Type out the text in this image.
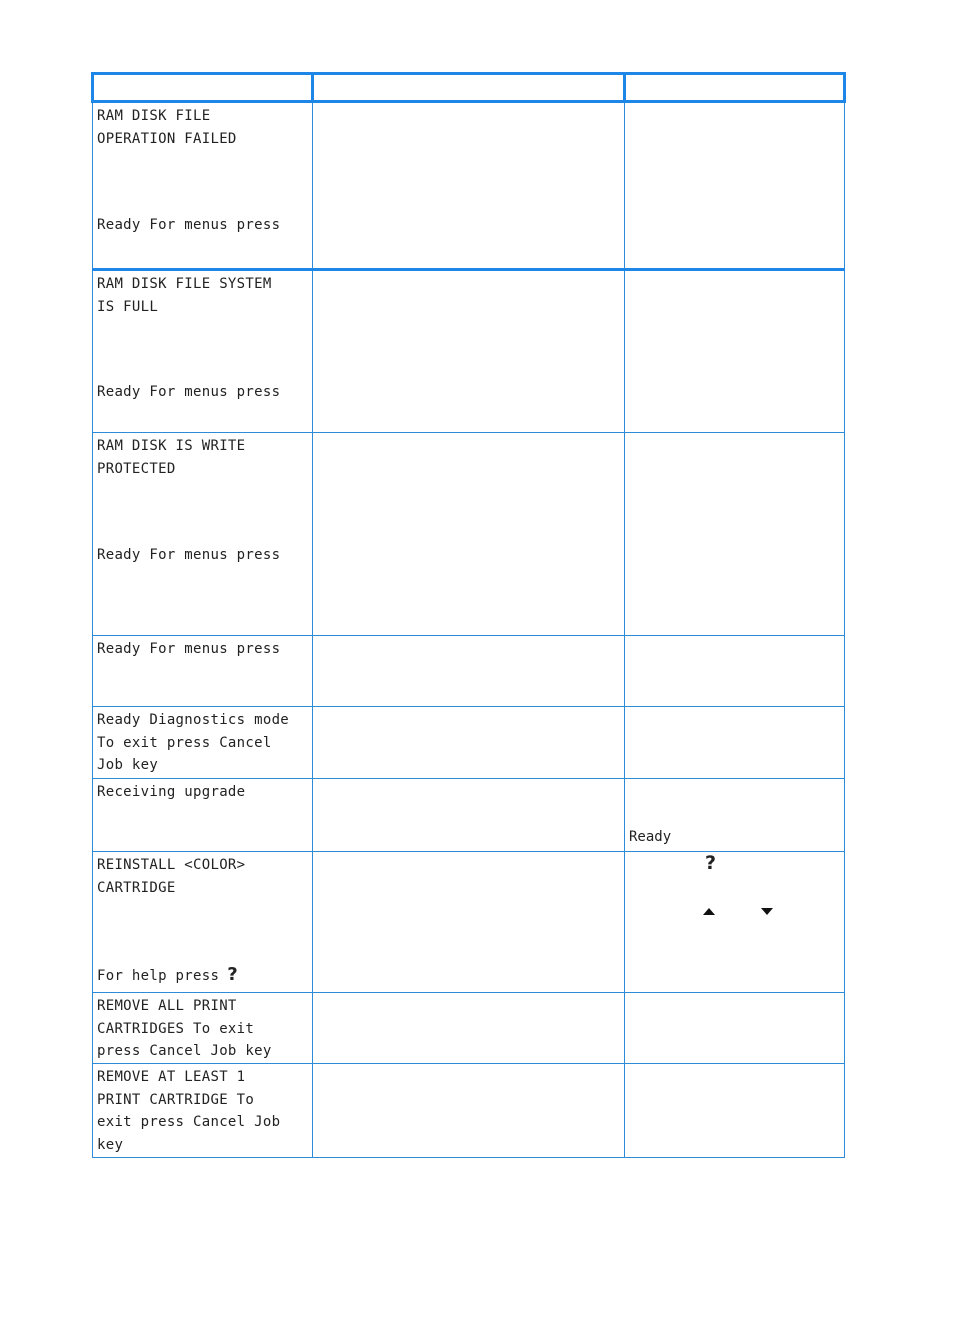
RAM DISK FILE
OPERATION FAILED
Ready For menus press		

RAM DISK FILE SYSTEM
IS FULL
Ready For menus press		

RAM DISK IS WRITE
PROTECTED
Ready For menus press		

Ready For menus press		

Ready Diagnostics mode
To exit press Cancel
Job key		

Receiving upgrade		Ready

REINSTALL <COLOR>
CARTRIDGE
For help press ?		?

REMOVE ALL PRINT
CARTRIDGES To exit
press Cancel Job key		

REMOVE AT LEAST 1
PRINT CARTRIDGE To
exit press Cancel Job
key		
